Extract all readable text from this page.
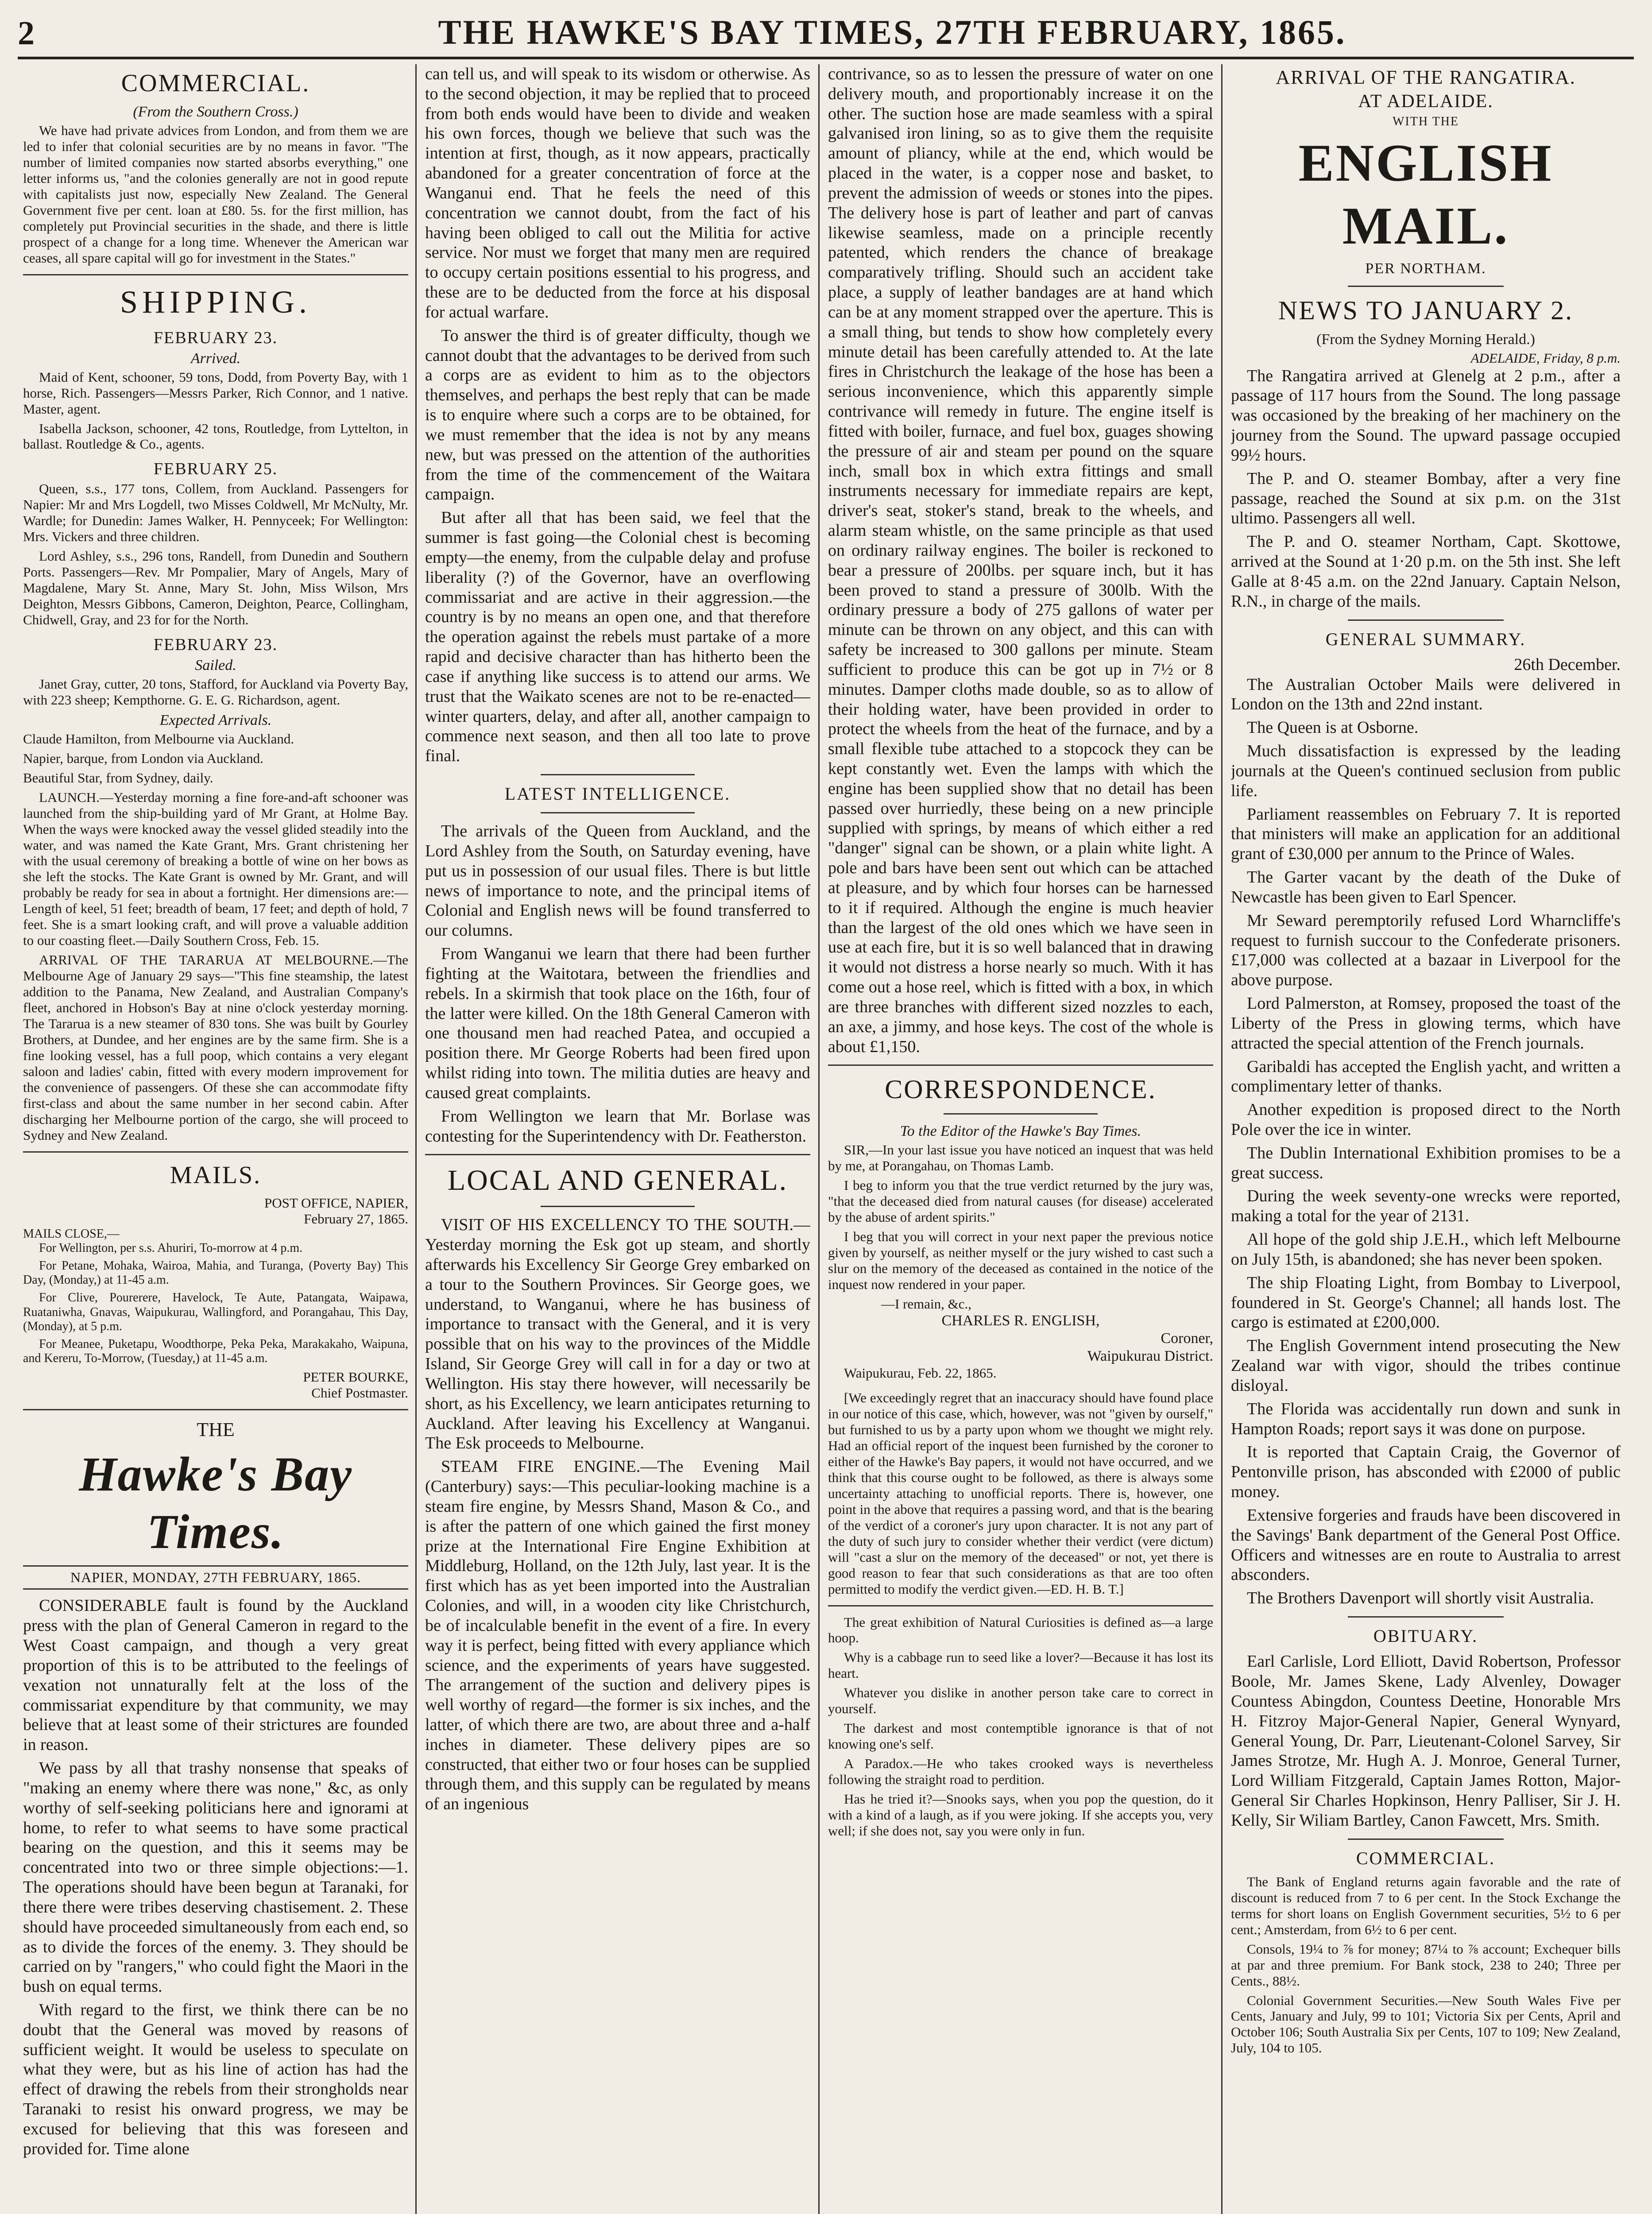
2	THE HAWKE'S BAY TIMES, 27TH FEBRUARY, 1865.
COMMERCIAL.
(From the Southern Cross.)

We have had private advices from London, and from them we are led to infer that colonial securities are by no means in favor. "The number of limited companies now started absorbs everything," one letter informs us, "and the colonies generally are not in good repute with capitalists just now, especially New Zealand. The General Government five per cent. loan at £80. 5s. for the first million, has completely put Provincial securities in the shade, and there is little prospect of a change for a long time. Whenever the American war ceases, all spare capital will go for investment in the States."

SHIPPING.
FEBRUARY 23.
Arrived.

Maid of Kent, schooner, 59 tons, Dodd, from Poverty Bay, with 1 horse, Rich. Passengers—Messrs Parker, Rich Connor, and 1 native. Master, agent.

Isabella Jackson, schooner, 42 tons, Routledge, from Lyttelton, in ballast. Routledge & Co., agents.

FEBRUARY 25.

Queen, s.s., 177 tons, Collem, from Auckland. Passengers for Napier: Mr and Mrs Logdell, two Misses Coldwell, Mr McNulty, Mr. Wardle; for Dunedin: James Walker, H. Pennyceek; For Wellington: Mrs. Vickers and three children.

Lord Ashley, s.s., 296 tons, Randell, from Dunedin and Southern Ports. Passengers—Rev. Mr Pompalier, Mary of Angels, Mary of Magdalene, Mary St. Anne, Mary St. John, Miss Wilson, Mrs Deighton, Messrs Gibbons, Cameron, Deighton, Pearce, Collingham, Chidwell, Gray, and 23 for for the North.

FEBRUARY 23.
Sailed.

Janet Gray, cutter, 20 tons, Stafford, for Auckland via Poverty Bay, with 223 sheep; Kempthorne. G. E. G. Richardson, agent.

Expected Arrivals.

Claude Hamilton, from Melbourne via Auckland.

Napier, barque, from London via Auckland.

Beautiful Star, from Sydney, daily.

LAUNCH.—Yesterday morning a fine fore-and-aft schooner was launched from the ship-building yard of Mr Grant, at Holme Bay. When the ways were knocked away the vessel glided steadily into the water, and was named the Kate Grant, Mrs. Grant christening her with the usual ceremony of breaking a bottle of wine on her bows as she left the stocks. The Kate Grant is owned by Mr. Grant, and will probably be ready for sea in about a fortnight. Her dimensions are:—Length of keel, 51 feet; breadth of beam, 17 feet; and depth of hold, 7 feet. She is a smart looking craft, and will prove a valuable addition to our coasting fleet.—Daily Southern Cross, Feb. 15.

ARRIVAL OF THE TARARUA AT MELBOURNE.—The Melbourne Age of January 29 says—"This fine steamship, the latest addition to the Panama, New Zealand, and Australian Company's fleet, anchored in Hobson's Bay at nine o'clock yesterday morning. The Tararua is a new steamer of 830 tons. She was built by Gourley Brothers, at Dundee, and her engines are by the same firm. She is a fine looking vessel, has a full poop, which contains a very elegant saloon and ladies' cabin, fitted with every modern improvement for the convenience of passengers. Of these she can accommodate fifty first-class and about the same number in her second cabin. After discharging her Melbourne portion of the cargo, she will proceed to Sydney and New Zealand.

MAILS.
POST OFFICE, NAPIER,
February 27, 1865.
MAILS CLOSE,—

For Wellington, per s.s. Ahuriri, To-morrow at 4 p.m.

For Petane, Mohaka, Wairoa, Mahia, and Turanga, (Poverty Bay) This Day, (Monday,) at 11-45 a.m.

For Clive, Pourerere, Havelock, Te Aute, Patangata, Waipawa, Ruataniwha, Gnavas, Waipukurau, Wallingford, and Porangahau, This Day, (Monday), at 5 p.m.

For Meanee, Puketapu, Woodthorpe, Peka Peka, Marakakaho, Waipuna, and Kereru, To-Morrow, (Tuesday,) at 11-45 a.m.

PETER BOURKE,
Chief Postmaster.
THE
Hawke's Bay Times.
NAPIER, MONDAY, 27TH FEBRUARY, 1865.

CONSIDERABLE fault is found by the Auckland press with the plan of General Cameron in regard to the West Coast campaign, and though a very great proportion of this is to be attributed to the feelings of vexation not unnaturally felt at the loss of the commissariat expenditure by that community, we may believe that at least some of their strictures are founded in reason.

We pass by all that trashy nonsense that speaks of "making an enemy where there was none," &c, as only worthy of self-seeking politicians here and ignorami at home, to refer to what seems to have some practical bearing on the question, and this it seems may be concentrated into two or three simple objections:—1. The operations should have been begun at Taranaki, for there there were tribes deserving chastisement. 2. These should have proceeded simultaneously from each end, so as to divide the forces of the enemy. 3. They should be carried on by "rangers," who could fight the Maori in the bush on equal terms.

With regard to the first, we think there can be no doubt that the General was moved by reasons of sufficient weight. It would be useless to speculate on what they were, but as his line of action has had the effect of drawing the rebels from their strongholds near Taranaki to resist his onward progress, we may be excused for believing that this was foreseen and provided for. Time alone

can tell us, and will speak to its wisdom or otherwise. As to the second objection, it may be replied that to proceed from both ends would have been to divide and weaken his own forces, though we believe that such was the intention at first, though, as it now appears, practically abandoned for a greater concentration of force at the Wanganui end. That he feels the need of this concentration we cannot doubt, from the fact of his having been obliged to call out the Militia for active service. Nor must we forget that many men are required to occupy certain positions essential to his progress, and these are to be deducted from the force at his disposal for actual warfare.

To answer the third is of greater difficulty, though we cannot doubt that the advantages to be derived from such a corps are as evident to him as to the objectors themselves, and perhaps the best reply that can be made is to enquire where such a corps are to be obtained, for we must remember that the idea is not by any means new, but was pressed on the attention of the authorities from the time of the commencement of the Waitara campaign.

But after all that has been said, we feel that the summer is fast going—the Colonial chest is becoming empty—the enemy, from the culpable delay and profuse liberality (?) of the Governor, have an overflowing commissariat and are active in their aggression.—the country is by no means an open one, and that therefore the operation against the rebels must partake of a more rapid and decisive character than has hitherto been the case if anything like success is to attend our arms. We trust that the Waikato scenes are not to be re-enacted—winter quarters, delay, and after all, another campaign to commence next season, and then all too late to prove final.

LATEST INTELLIGENCE.

The arrivals of the Queen from Auckland, and the Lord Ashley from the South, on Saturday evening, have put us in possession of our usual files. There is but little news of importance to note, and the principal items of Colonial and English news will be found transferred to our columns.

From Wanganui we learn that there had been further fighting at the Waitotara, between the friendlies and rebels. In a skirmish that took place on the 16th, four of the latter were killed. On the 18th General Cameron with one thousand men had reached Patea, and occupied a position there. Mr George Roberts had been fired upon whilst riding into town. The militia duties are heavy and caused great complaints.

From Wellington we learn that Mr. Borlase was contesting for the Superintendency with Dr. Featherston.

LOCAL AND GENERAL.

VISIT OF HIS EXCELLENCY TO THE SOUTH.—Yesterday morning the Esk got up steam, and shortly afterwards his Excellency Sir George Grey embarked on a tour to the Southern Provinces. Sir George goes, we understand, to Wanganui, where he has business of importance to transact with the General, and it is very possible that on his way to the provinces of the Middle Island, Sir George Grey will call in for a day or two at Wellington. His stay there however, will necessarily be short, as his Excellency, we learn anticipates returning to Auckland. After leaving his Excellency at Wanganui. The Esk proceeds to Melbourne.

STEAM FIRE ENGINE.—The Evening Mail (Canterbury) says:—This peculiar-looking machine is a steam fire engine, by Messrs Shand, Mason & Co., and is after the pattern of one which gained the first money prize at the International Fire Engine Exhibition at Middleburg, Holland, on the 12th July, last year. It is the first which has as yet been imported into the Australian Colonies, and will, in a wooden city like Christchurch, be of incalculable benefit in the event of a fire. In every way it is perfect, being fitted with every appliance which science, and the experiments of years have suggested. The arrangement of the suction and delivery pipes is well worthy of regard—the former is six inches, and the latter, of which there are two, are about three and a-half inches in diameter. These delivery pipes are so constructed, that either two or four hoses can be supplied through them, and this supply can be regulated by means of an ingenious

contrivance, so as to lessen the pressure of water on one delivery mouth, and proportionably increase it on the other. The suction hose are made seamless with a spiral galvanised iron lining, so as to give them the requisite amount of pliancy, while at the end, which would be placed in the water, is a copper nose and basket, to prevent the admission of weeds or stones into the pipes. The delivery hose is part of leather and part of canvas likewise seamless, made on a principle recently patented, which renders the chance of breakage comparatively trifling. Should such an accident take place, a supply of leather bandages are at hand which can be at any moment strapped over the aperture. This is a small thing, but tends to show how completely every minute detail has been carefully attended to. At the late fires in Christchurch the leakage of the hose has been a serious inconvenience, which this apparently simple contrivance will remedy in future. The engine itself is fitted with boiler, furnace, and fuel box, guages showing the pressure of air and steam per pound on the square inch, small box in which extra fittings and small instruments necessary for immediate repairs are kept, driver's seat, stoker's stand, break to the wheels, and alarm steam whistle, on the same principle as that used on ordinary railway engines. The boiler is reckoned to bear a pressure of 200lbs. per square inch, but it has been proved to stand a pressure of 300lb. With the ordinary pressure a body of 275 gallons of water per minute can be thrown on any object, and this can with safety be increased to 300 gallons per minute. Steam sufficient to produce this can be got up in 7½ or 8 minutes. Damper cloths made double, so as to allow of their holding water, have been provided in order to protect the wheels from the heat of the furnace, and by a small flexible tube attached to a stopcock they can be kept constantly wet. Even the lamps with which the engine has been supplied show that no detail has been passed over hurriedly, these being on a new principle supplied with springs, by means of which either a red "danger" signal can be shown, or a plain white light. A pole and bars have been sent out which can be attached at pleasure, and by which four horses can be harnessed to it if required. Although the engine is much heavier than the largest of the old ones which we have seen in use at each fire, but it is so well balanced that in drawing it would not distress a horse nearly so much. With it has come out a hose reel, which is fitted with a box, in which are three branches with different sized nozzles to each, an axe, a jimmy, and hose keys. The cost of the whole is about £1,150.

CORRESPONDENCE.
To the Editor of the Hawke's Bay Times.

SIR,—In your last issue you have noticed an inquest that was held by me, at Porangahau, on Thomas Lamb.

I beg to inform you that the true verdict returned by the jury was, "that the deceased died from natural causes (for disease) accelerated by the abuse of ardent spirits."

I beg that you will correct in your next paper the previous notice given by yourself, as neither myself or the jury wished to cast such a slur on the memory of the deceased as contained in the notice of the inquest now rendered in your paper.

—I remain, &c.,
CHARLES R. ENGLISH,
Coroner,
Waipukurau District.
Waipukurau, Feb. 22, 1865.

[We exceedingly regret that an inaccuracy should have found place in our notice of this case, which, however, was not "given by ourself," but furnished to us by a party upon whom we thought we might rely. Had an official report of the inquest been furnished by the coroner to either of the Hawke's Bay papers, it would not have occurred, and we think that this course ought to be followed, as there is always some uncertainty attaching to unofficial reports. There is, however, one point in the above that requires a passing word, and that is the bearing of the verdict of a coroner's jury upon character. It is not any part of the duty of such jury to consider whether their verdict (vere dictum) will "cast a slur on the memory of the deceased" or not, yet there is good reason to fear that such considerations as that are too often permitted to modify the verdict given.—ED. H. B. T.]

The great exhibition of Natural Curiosities is defined as—a large hoop.

Why is a cabbage run to seed like a lover?—Because it has lost its heart.

Whatever you dislike in another person take care to correct in yourself.

The darkest and most contemptible ignorance is that of not knowing one's self.

A Paradox.—He who takes crooked ways is nevertheless following the straight road to perdition.

Has he tried it?—Snooks says, when you pop the question, do it with a kind of a laugh, as if you were joking. If she accepts you, very well; if she does not, say you were only in fun.

ARRIVAL OF THE RANGATIRA.
AT ADELAIDE.
WITH THE
ENGLISH MAIL.
PER NORTHAM.
NEWS TO JANUARY 2.
(From the Sydney Morning Herald.)
ADELAIDE, Friday, 8 p.m.

The Rangatira arrived at Glenelg at 2 p.m., after a passage of 117 hours from the Sound. The long passage was occasioned by the breaking of her machinery on the journey from the Sound. The upward passage occupied 99½ hours.

The P. and O. steamer Bombay, after a very fine passage, reached the Sound at six p.m. on the 31st ultimo. Passengers all well.

The P. and O. steamer Northam, Capt. Skottowe, arrived at the Sound at 1·20 p.m. on the 5th inst. She left Galle at 8·45 a.m. on the 22nd January. Captain Nelson, R.N., in charge of the mails.

GENERAL SUMMARY.
26th December.

The Australian October Mails were delivered in London on the 13th and 22nd instant.

The Queen is at Osborne.

Much dissatisfaction is expressed by the leading journals at the Queen's continued seclusion from public life.

Parliament reassembles on February 7. It is reported that ministers will make an application for an additional grant of £30,000 per annum to the Prince of Wales.

The Garter vacant by the death of the Duke of Newcastle has been given to Earl Spencer.

Mr Seward peremptorily refused Lord Wharncliffe's request to furnish succour to the Confederate prisoners. £17,000 was collected at a bazaar in Liverpool for the above purpose.

Lord Palmerston, at Romsey, proposed the toast of the Liberty of the Press in glowing terms, which have attracted the special attention of the French journals.

Garibaldi has accepted the English yacht, and written a complimentary letter of thanks.

Another expedition is proposed direct to the North Pole over the ice in winter.

The Dublin International Exhibition promises to be a great success.

During the week seventy-one wrecks were reported, making a total for the year of 2131.

All hope of the gold ship J.E.H., which left Melbourne on July 15th, is abandoned; she has never been spoken.

The ship Floating Light, from Bombay to Liverpool, foundered in St. George's Channel; all hands lost. The cargo is estimated at £200,000.

The English Government intend prosecuting the New Zealand war with vigor, should the tribes continue disloyal.

The Florida was accidentally run down and sunk in Hampton Roads; report says it was done on purpose.

It is reported that Captain Craig, the Governor of Pentonville prison, has absconded with £2000 of public money.

Extensive forgeries and frauds have been discovered in the Savings' Bank department of the General Post Office. Officers and witnesses are en route to Australia to arrest absconders.

The Brothers Davenport will shortly visit Australia.

OBITUARY.

Earl Carlisle, Lord Elliott, David Robertson, Professor Boole, Mr. James Skene, Lady Alvenley, Dowager Countess Abingdon, Countess Deetine, Honorable Mrs H. Fitzroy Major-General Napier, General Wynyard, General Young, Dr. Parr, Lieutenant-Colonel Sarvey, Sir James Strotze, Mr. Hugh A. J. Monroe, General Turner, Lord William Fitzgerald, Captain James Rotton, Major-General Sir Charles Hopkinson, Henry Palliser, Sir J. H. Kelly, Sir Wiliam Bartley, Canon Fawcett, Mrs. Smith.

COMMERCIAL.

The Bank of England returns again favorable and the rate of discount is reduced from 7 to 6 per cent. In the Stock Exchange the terms for short loans on English Government securities, 5½ to 6 per cent.; Amsterdam, from 6½ to 6 per cent.

Consols, 19¼ to ⅞ for money; 87¼ to ⅞ account; Exchequer bills at par and three premium. For Bank stock, 238 to 240; Three per Cents., 88½.

Colonial Government Securities.—New South Wales Five per Cents, January and July, 99 to 101; Victoria Six per Cents, April and October 106; South Australia Six per Cents, 107 to 109; New Zealand, July, 104 to 105.
